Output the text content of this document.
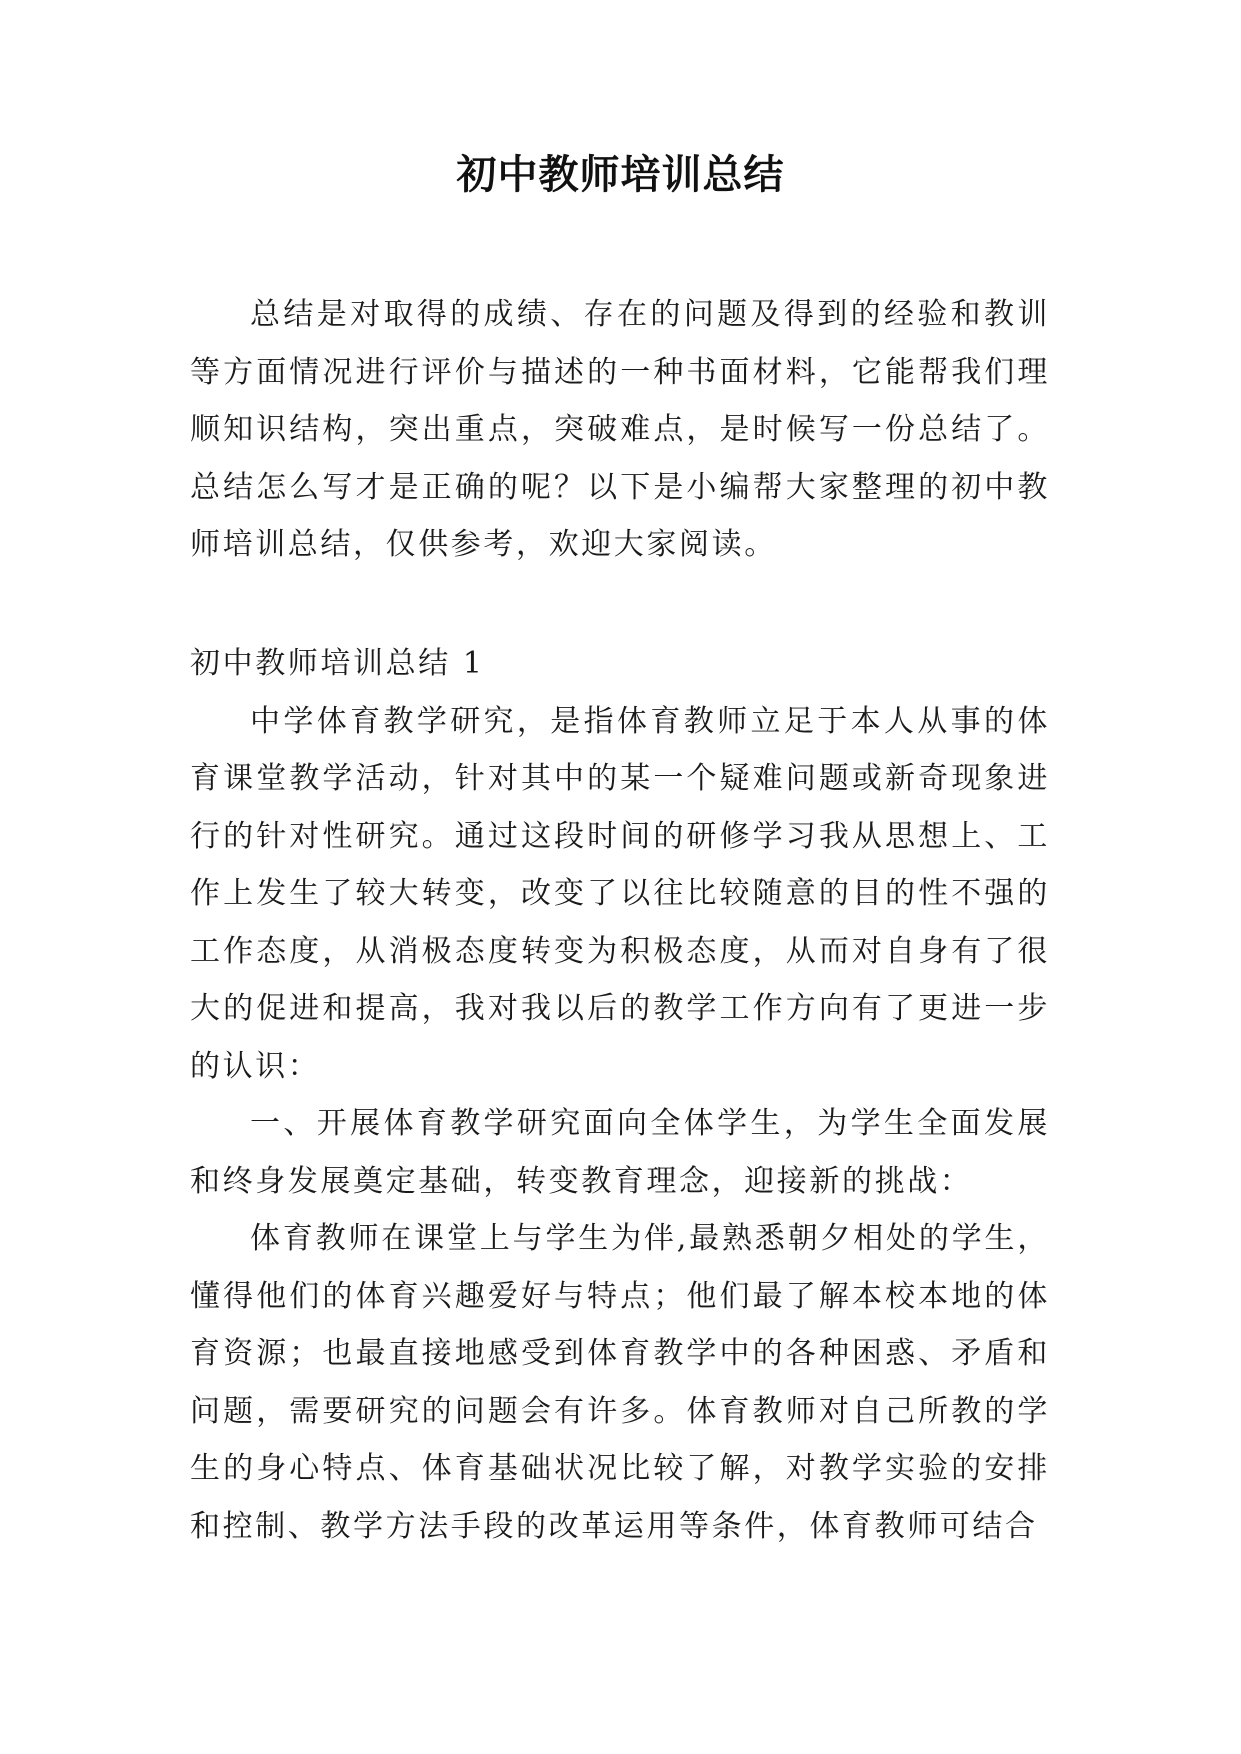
初中教师培训总结

总结是对取得的成绩、存在的问题及得到的经验和教训等方面情况进行评价与描述的一种书面材料，它能帮我们理顺知识结构，突出重点，突破难点，是时候写一份总结了。总结怎么写才是正确的呢？以下是小编帮大家整理的初中教师培训总结，仅供参考，欢迎大家阅读。

初中教师培训总结 1

中学体育教学研究，是指体育教师立足于本人从事的体育课堂教学活动，针对其中的某一个疑难问题或新奇现象进行的针对性研究。通过这段时间的研修学习我从思想上、工作上发生了较大转变，改变了以往比较随意的目的性不强的工作态度，从消极态度转变为积极态度，从而对自身有了很大的促进和提高，我对我以后的教学工作方向有了更进一步的认识：

一、开展体育教学研究面向全体学生，为学生全面发展和终身发展奠定基础，转变教育理念，迎接新的挑战：

体育教师在课堂上与学生为伴,最熟悉朝夕相处的学生，懂得他们的体育兴趣爱好与特点；他们最了解本校本地的体育资源；也最直接地感受到体育教学中的各种困惑、矛盾和问题，需要研究的问题会有许多。体育教师对自己所教的学生的身心特点、体育基础状况比较了解，对教学实验的安排和控制、教学方法手段的改革运用等条件，体育教师可结合
